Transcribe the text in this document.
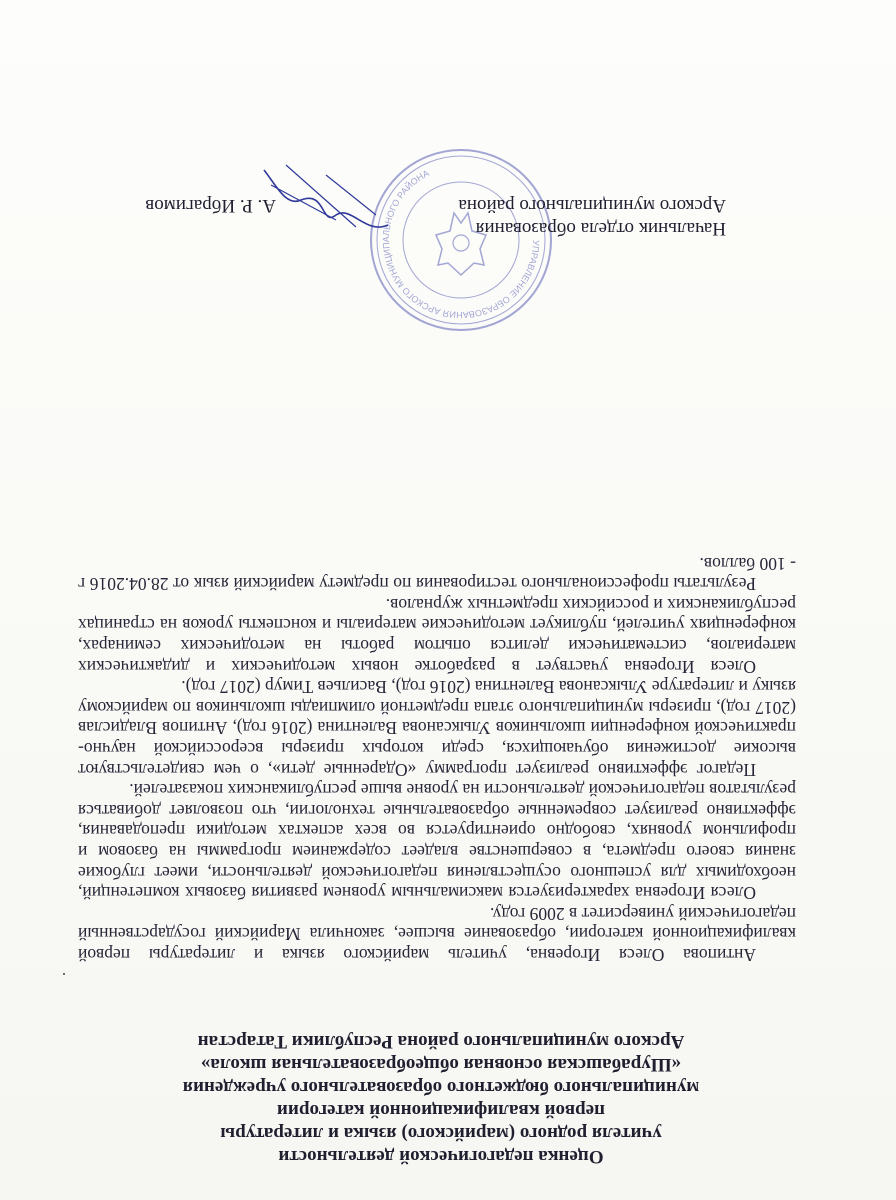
Оценка педагогической деятельности
учителя родного (марийского) языка и литературы
первой квалификационной категории
муниципального бюджетного образовательного учреждения
«Шурабашская основная общеобразовательная школа»
Арского муниципального района Республики Татарстан
.

Антипова Олеся Игоревна, учитель марийского языка и литературы первой квалификационной категории, образование высшее, закончила Марийский государственный педагогический университет в 2009 году.

Олеся Игоревна характеризуется максимальным уровнем развития базовых компетенций, необходимых для успешного осуществления педагогической деятельности, имеет глубокие знания своего предмета, в совершенстве владеет содержанием программы на базовом и профильном уровнях, свободно ориентируется во всех аспектах методики преподавания, эффективно реализует современные образовательные технологии, что позволяет добиваться результатов педагогической деятельности на уровне выше республиканских показателей.

Педагог эффективно реализует программу «Одаренные дети», о чем свидетельствуют высокие достижения обучающихся, среди которых призеры всероссийской научно-практической конференции школьников Улыксанова Валентина (2016 год), Антипов Владислав (2017 год), призеры муниципального этапа предметной олимпиады школьников по марийскому языку и литературе Улыксанова Валентина (2016 год), Васильев Тимур (2017 год).

Олеся Игоревна участвует в разработке новых методических и дидактических материалов, систематически делится опытом работы на методических семинарах, конференциях учителей, публикует методические материалы и конспекты уроков на страницах республиканских и российских предметных журналов.

Результаты профессионального тестирования по предмету марийский язык от 28.04.2016 г - 100 баллов.

УПРАВЛЕНИЕ ОБРАЗОВАНИЯ АРСКОГО МУНИЦИПАЛЬНОГО РАЙОНА
Начальник отдела образования
Арского муниципального района
А. Р. Ибрагимов
